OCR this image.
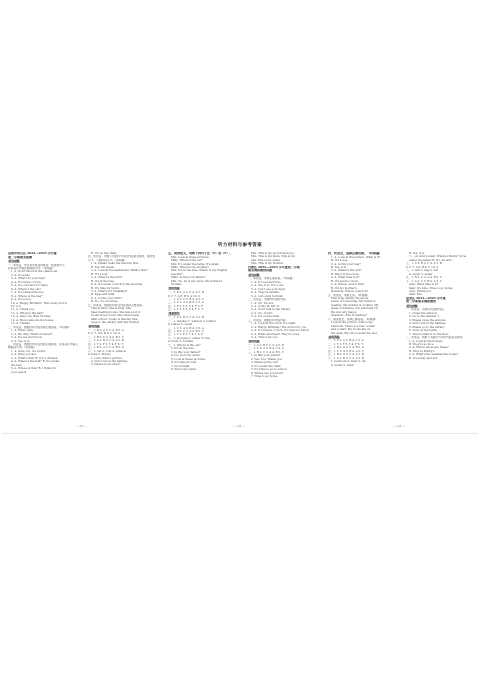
听力材料与参考答案
昆明市西山区 2022—2023 学年度
第二学期期末检测
听力材料
一、听录音，选出你所听到的单词、短语或句子，
并将其序号填在题前括号内。（听两遍）
1. A. Don't shout in the classroom.
2. A. Go away.
3. A. What's in your bag?
4. A. It's three o'clock.
5. A. It's cold and it's rainy.
6. A. Where's the cat?
7. A. It's behind the box.
8. A. Whose is the bag?
9. A. It's a dog.
10. A. Happy Birthday! This lovely doll is
for you.
11. A. Thank you.
12. A. Where's the ball?
13. A. She's my little brother.
14. A. Mom came mom's house.
15. A. Thanks.
二、听录音，根据所听内容选择正确答案。（听两遍）
1. A. Hello, Amy.
2. A. Hi, Amy. What's it about?
3. A. It's my storybook.
4. A. Yes, it is.
三、听录音，根据所听对话选择正确答案，并将其序号填入
题前括号内。（听两遍）
1. A. Sure, No, it's a bird.
2. A. Here you are.
3. A. What's this? B. It's a chicken.
4. A. Where's the ball? B. It's under
the bed.
5. A. Whose is this? B. I think it's
your pencil.
B. It's on the chair.
四、听录音，判断下列图片与所听内容是否相符，相符的
写 T，不相符的写 F。（听两遍）
1. A. Please clean the window, Bob.
B. Yes, Mr Green.
2. A. Look at the dashboard. What's that?
B. It's a bus.
3. A. Where's the bird?
B. It's in the tree.
4. A. It's seven o'clock in the morning.
B. It's time for lunch.
5. A. What's for breakfast?
B. Eggs and milk.
6. A. Is this your shirt?
B. No, it's not mine.
五、听录音，根据所听短文内容选择正确答案。
This is Alice. She is nine. She
likes reading books. She has a lot of
books in her room. She often reads
after school. Today is Sunday. She
goes to the library with her mother.
参考答案
一、1. B 2. A 3. C 4. B 5. A
6. C 7. A 8. B 9. C 10. A
二、1. B 2. C 3. A 4. B 5. C
三、1. A 2. B 3. C 4. A 5. B
四、1. T 2. F 3. T 4. F 5. T
五、1. B 2. A 3. C 4. B 5. A
六、1. red 2. cold 3. window
4. nine 5. library
1. Let's draw a picture.
2. Don't run in the hallway.
3. Where is my ruler?
五、阅读短文，判断下列句子正（T）误（F）。
Mrs. Look at these pictures.
Milly: Where's the cat?
Mrs. It's under the table. It's small.
Milly: Where's the monkey?
Mrs. It's in the tree. Where is my English
teacher?
Milly: Is this your father?
Mrs. No, he is my uncle. My mother's
brother.
参考答案
一、1. B 2. A 3. C 4. A 5. B
6. C 7. A 8. B 9. A 10. C
二、1. A 2. C 3. B 4. A 5. C
三、1. C 2. A 3. B 4. C 5. A
四、1. F 2. T 3. T 4. F 5. F
五、1. T 2. F 3. T 4. F 5. T
笔试部分
一、1. A 2. B 3. C 4. A 5. B
二、1. teacher 2. window 3. behind
4. yellow 5. seven
三、1. C 2. A 3. B 4. C 5. A
四、1. B 2. C 3. A 4. B 5. C
五、1. T 2. F 3. T 4. T 5. F
六、1. pictures 2. under 3. tree
4. uncle 5. brother
七、1. Where is the cat?
2. It's in the tree.
3. Is this your father?
4. No, he is my uncle.
5. Look at these pictures.
6. It's time for bed.
7. Good night.
8. She is my sister.
Mrs. This is my good friend Joe.
Mrs. This is my mum. This is my
dad. This is my sister.
Mrs. This is my brother.
官渡区 2022—2023 学年度第二学期
期末调研测试试题
听力材料
一、听录音，选择正确答案。（听两遍）
1. A. It's red and blue.
2. A. Yes, it is. It's a cat.
3. A. Can I see your bag?
4. A. They're rabbits.
5. A. Let's play football.
二、听录音，选择所听到的内容。
1. A. No, it's not.
2. A. Come in, Mr. Li.
3. A. Don't talk in the library.
4. A. No, it isn't.
5. A. It's on the desk.
三、听录音，根据所听内容选择。
1. A. Look at the clock. It's eight.
2. A. Happy Birthday! The doll is for you.
3. A. It's twelve o'clock. It's time for lunch.
4. A. What are these? They're cows.
5. A. This is for you.
参考答案
一、1. A 2. B 3. C 4. A 5. B
二、1. C 2. A 3. B 4. C 5. A
三、1. B 2. C 3. A 4. B 5. C
1. Is this your pencil?
2. Yes, it is. Thank you.
3. Where is the cat?
4. It's under the chair.
5. It's time to go to school.
6. Where are you from?
7. Time to go home.
四、听录音，选择正确答案。（听两遍）
1. A. Look at the picture. What is it?
B. It's a dog.
2. A. Is this your bag?
B. Yes, it is.
3. A. Where's the girl?
B. She's in the room.
4. A. What time is it?
B. It's seven o'clock.
5. A. Whose coat is this?
B. It's my mother's.
Question: Whose coat is it?
五、听录音，判断正误。（听两遍）
This is my family. We are at
home. It's Saturday. My father is
reading. My mother is cooking. My
sister is drawing. I'm watching TV.
We are very happy.
Question: Who is reading?
六、阅读短文，选择正确答案。（听两遍）
Look at the picture. This is my
bedroom. There is a bed, a desk
and a chair. My books are on
the desk. My cat is under the bed.
参考答案
一、1. A 2. C 3. B 4. C 5. A
二、1. T 2. F 3. T 4. F 5. T
三、1. B 2. A 3. C 4. B 5. A
四、1. C 2. A 3. B 4. A 5. C
五、1. B 2. A 3. C 4. C 5. B
六、1. A 2. B 3. C 4. A 5. B
1. bedroom 2. desk 3. cat
4. under 5. chair
B. Yes, it is.
六、(A) Amy's mum: Where's Bobby? Is he
under the table? B. No, he isn't.
七、1. A 2. B 3. C 4. A 5. B
6. C 7. A 8. B 9. C 10. A
八、1. doll 2. bag 3. red
4. seven 5. under
九、1. B 2. C 3. A 4. B 5. C
十、1. A 2. C 3. B 4. A 5. C
Amy: What time is it?
Sam: It's nine. Time to go home.
Amy: Thank you.
Sam: Bye.
盘龙区 2022—2023 学年度
第二学期期末调研测试
听力材料
一、听录音，选择所听到的内容。
1. Clean the window.
2. Go to the number 1.
3. Please close the window.
4. Don't run in the hallway.
5. Please go to the library.
6. Turn on the lights.
7. The football is on the floor.
二、听录音，判断下列图片与所听内容是否相符。
1. A. Look at the flowers.
B. They're so nice.
2. A. Whose shoes are these?
B. They're Bobby's.
3. A. What's the weather like today?
B. It's sunny and hot.
— 21 —	— 22 —	— 23 —
